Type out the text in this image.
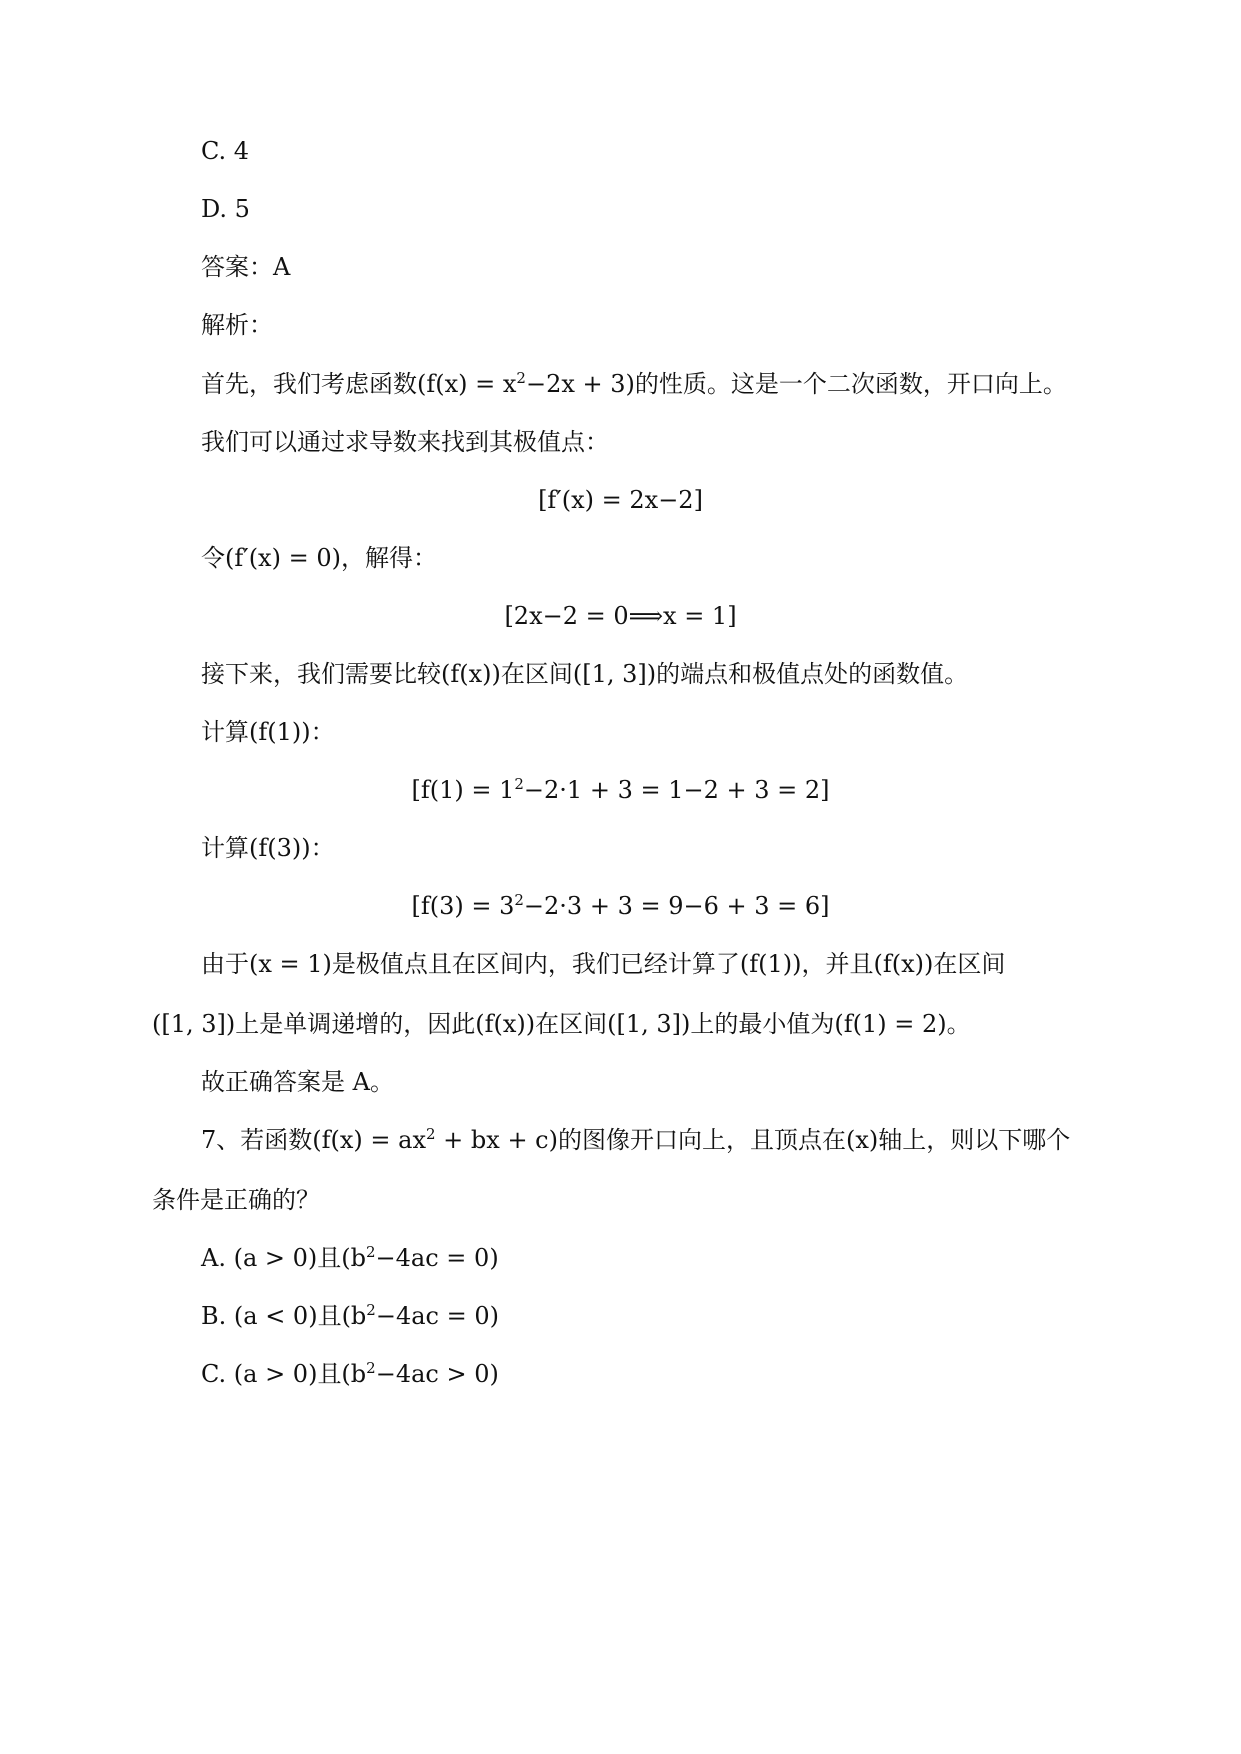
C. 4
D. 5
答案：A
解析：
首先，我们考虑函数$(f(x) = x^2-2x + 3)$的性质。这是一个二次函数，开口向上。
我们可以通过求导数来找到其极值点：
[f′(x) = 2x−2]
令(f′(x) = 0)，解得：
[2x−2 = 0⟹x = 1]
接下来，我们需要比较(f(x))在区间([1, 3])的端点和极值点处的函数值。
计算(f(1))：
$[f(1) = 1^2-2\cdot 1 + 3 = 1-2 + 3 = 2]$
计算(f(3))：
$[f(3) = 3^2-2\cdot 3 + 3 = 9-6 + 3 = 6]$
由于(x = 1)是极值点且在区间内，我们已经计算了(f(1))，并且(f(x))在区间
([1, 3])上是单调递增的，因此(f(x))在区间([1, 3])上的最小值为(f(1) = 2)。
故正确答案是 A。
7、若函数($f(x) = ax^2$ + bx + c)的图像开口向上，且顶点在(x)轴上，则以下哪个
条件是正确的？
A. (a > 0)且$(b^2-4ac = 0)$
B. (a < 0)且$(b^2-4ac = 0)$
C. (a > 0)且$(b^2-4ac > 0)$
